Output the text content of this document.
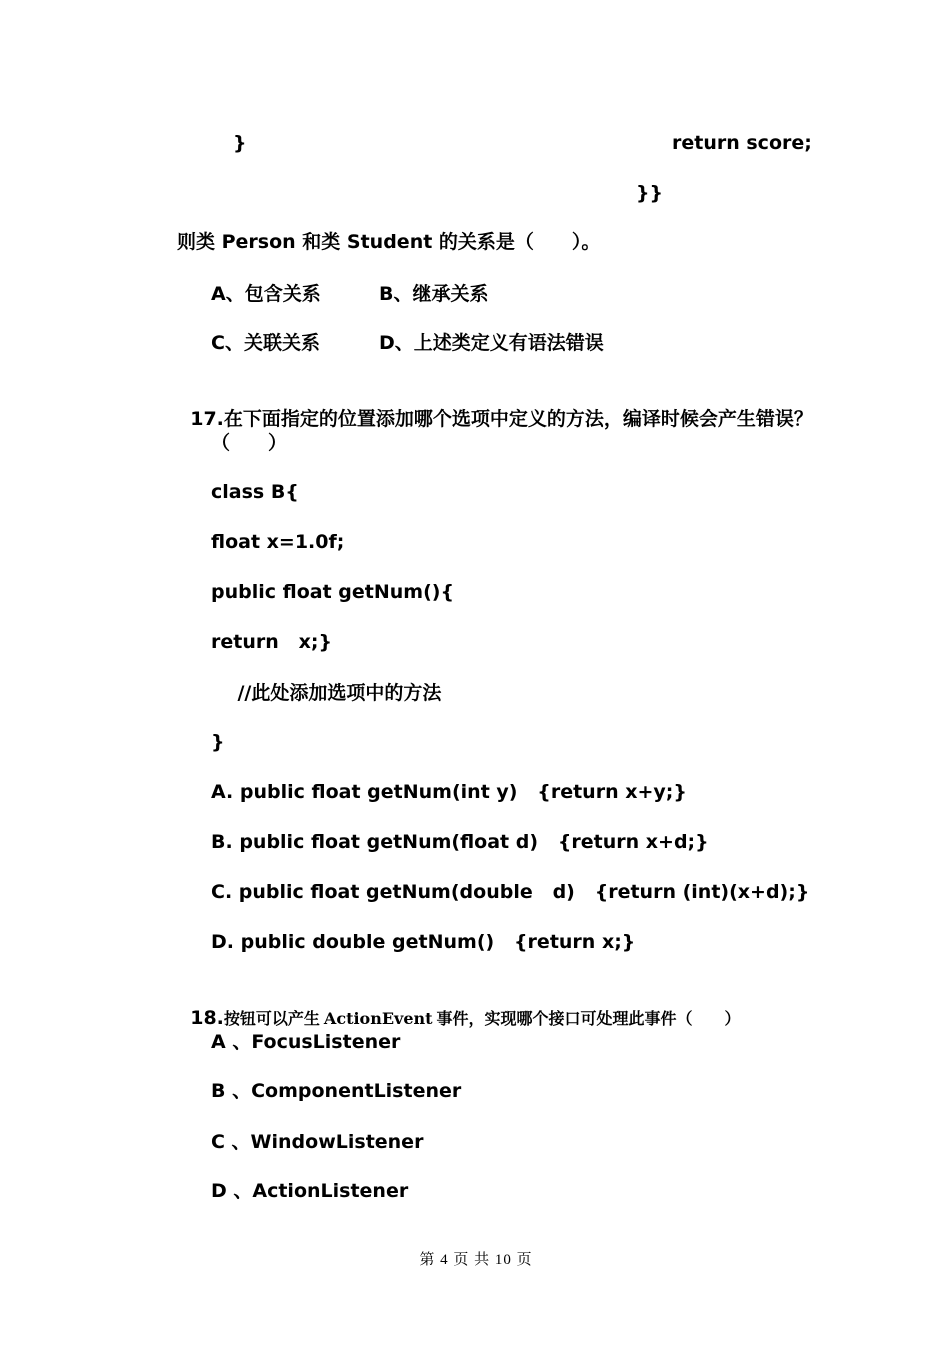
}	return score;
}}
则类 Person 和类 Student 的关系是（　　）。
A、包含关系	B、继承关系
C、关联关系	D、上述类定义有语法错误

17.在下面指定的位置添加哪个选项中定义的方法，编译时候会产生错误？

（　　）
class B{
float x=1.0f;
public float getNum(){
return   x;}
//此处添加选项中的方法
}
A. public float getNum(int y)   {return x+y;}
B. public float getNum(float d)   {return x+d;}
C. public float getNum(double   d)   {return (int)(x+d);}
D. public double getNum()   {return x;}

18.按钮可以产生 ActionEvent 事件，实现哪个接口可处理此事件（　　）

A 、FocusListener
B 、ComponentListener
C 、WindowListener
D 、ActionListener
第 4 页 共 10 页
